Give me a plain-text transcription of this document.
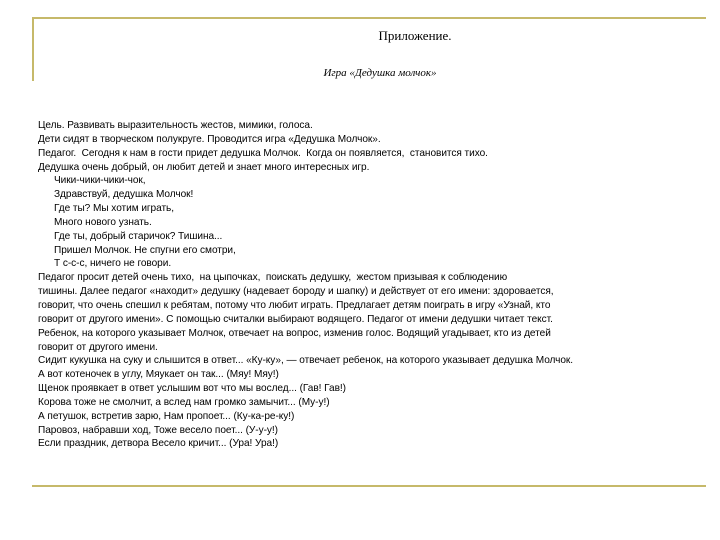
Приложение.
Игра «Дедушка молчок»
Цель. Развивать выразительность жестов, мимики, голоса.
Дети сидят в творческом полукруге. Проводится игра «Дедушка Молчок».
Педагог.  Сегодня к нам в гости придет дедушка Молчок.  Когда он появляется,  становится тихо.
Дедушка очень добрый, он любит детей и знает много интересных игр.
Чики-чики-чики-чок,
Здравствуй, дедушка Молчок!
Где ты? Мы хотим играть,
Много нового узнать.
Где ты, добрый старичок? Тишина...
Пришел Молчок. Не спугни его смотри,
Т с-с-с, ничего не говори.
Педагог просит детей очень тихо,  на цыпочках,  поискать дедушку,  жестом призывая к соблюдению
тишины. Далее педагог «находит» дедушку (надевает бороду и шапку) и действует от его имени: здоровается,
говорит, что очень спешил к ребятам, потому что любит играть. Предлагает детям поиграть в игру «Узнай, кто
говорит от другого имени». С помощью считалки выбирают водящего. Педагог от имени дедушки читает текст.
Ребенок, на которого указывает Молчок, отвечает на вопрос, изменив голос. Водящий угадывает, кто из детей
говорит от другого имени.
Сидит кукушка на суку и слышится в ответ... «Ку-ку», — отвечает ребенок, на которого указывает дедушка Молчок.
А вот котеночек в углу, Мяукает он так... (Мяу! Мяу!)
Щенок проявкает в ответ услышим вот что мы вослед... (Гав! Гав!)
Корова тоже не смолчит, а вслед нам громко замычит... (Му-у!)
А петушок, встретив зарю, Нам пропоет... (Ку-ка-ре-ку!)
Паровоз, набравши ход, Тоже весело поет... (У-у-у!)
Если праздник, детвора Весело кричит... (Ура! Ура!)
